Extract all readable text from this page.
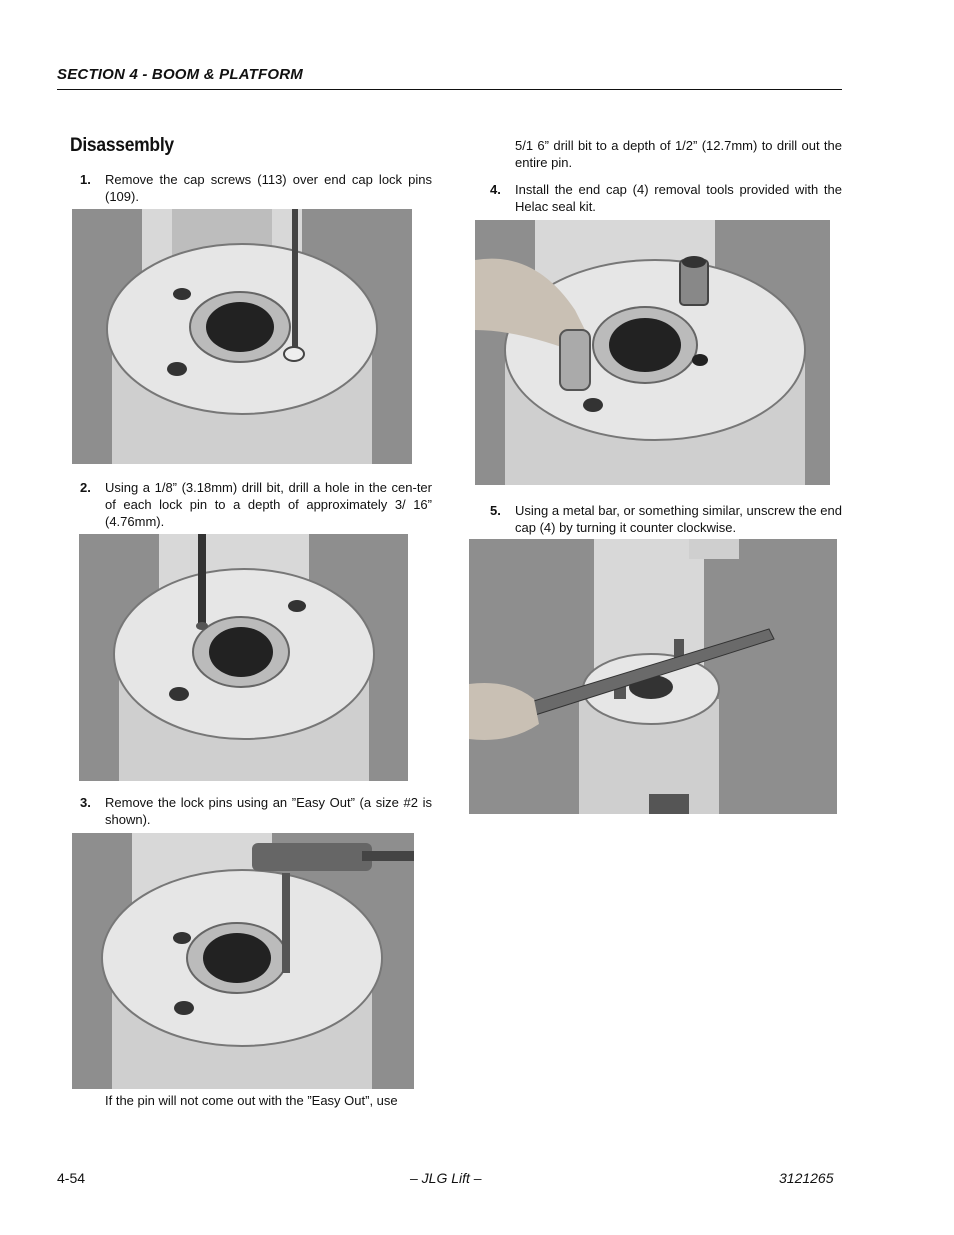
SECTION 4 - BOOM & PLATFORM
Disassembly
1. Remove the cap screws (113) over end cap lock pins (109).
2. Using a 1/8” (3.18mm) drill bit, drill a hole in the cen-ter of each lock pin to a depth of approximately 3/ 16” (4.76mm).
3. Remove the lock pins using an ”Easy Out” (a size #2 is shown).
If the pin will not come out with the ”Easy Out”, use
5/1 6” drill bit to a depth of 1/2” (12.7mm) to drill out the entire pin.
4. Install the end cap (4) removal tools provided with the Helac seal kit.
5. Using a metal bar, or something similar, unscrew the end cap (4) by turning it counter clockwise.
4-54	– JLG Lift –	3121265
